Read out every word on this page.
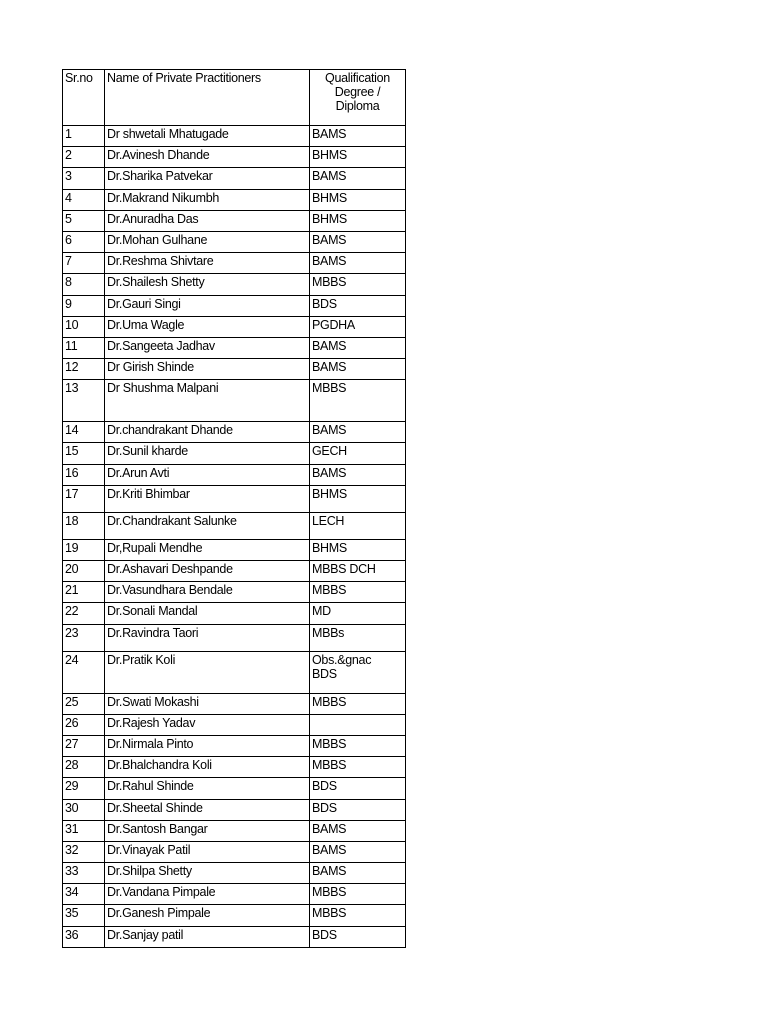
Sr.no	Name of Private Practitioners	Qualification
Degree /
Diploma
1	Dr shwetali Mhatugade	BAMS
2	Dr.Avinesh Dhande	BHMS
3	Dr.Sharika Patvekar	BAMS
4	Dr.Makrand Nikumbh	BHMS
5	Dr.Anuradha Das	BHMS
6	Dr.Mohan Gulhane	BAMS
7	Dr.Reshma Shivtare	BAMS
8	Dr.Shailesh Shetty	MBBS
9	Dr.Gauri Singi	BDS
10	Dr.Uma Wagle	PGDHA
11	Dr.Sangeeta Jadhav	BAMS
12	Dr Girish Shinde	BAMS
13	Dr Shushma Malpani	MBBS
14	Dr.chandrakant Dhande	BAMS
15	Dr.Sunil kharde	GECH
16	Dr.Arun Avti	BAMS
17	Dr.Kriti Bhimbar	BHMS
18	Dr.Chandrakant Salunke	LECH
19	Dr,Rupali Mendhe	BHMS
20	Dr.Ashavari Deshpande	MBBS DCH
21	Dr.Vasundhara Bendale	MBBS
22	Dr.Sonali Mandal	MD
23	Dr.Ravindra Taori	MBBs
24	Dr.Pratik Koli	Obs.&gnac
BDS
25	Dr.Swati Mokashi	MBBS
26	Dr.Rajesh Yadav	
27	Dr.Nirmala Pinto	MBBS
28	Dr.Bhalchandra Koli	MBBS
29	Dr.Rahul Shinde	BDS
30	Dr.Sheetal Shinde	BDS
31	Dr.Santosh Bangar	BAMS
32	Dr.Vinayak Patil	BAMS
33	Dr.Shilpa Shetty	BAMS
34	Dr.Vandana Pimpale	MBBS
35	Dr.Ganesh Pimpale	MBBS
36	Dr.Sanjay patil	BDS
